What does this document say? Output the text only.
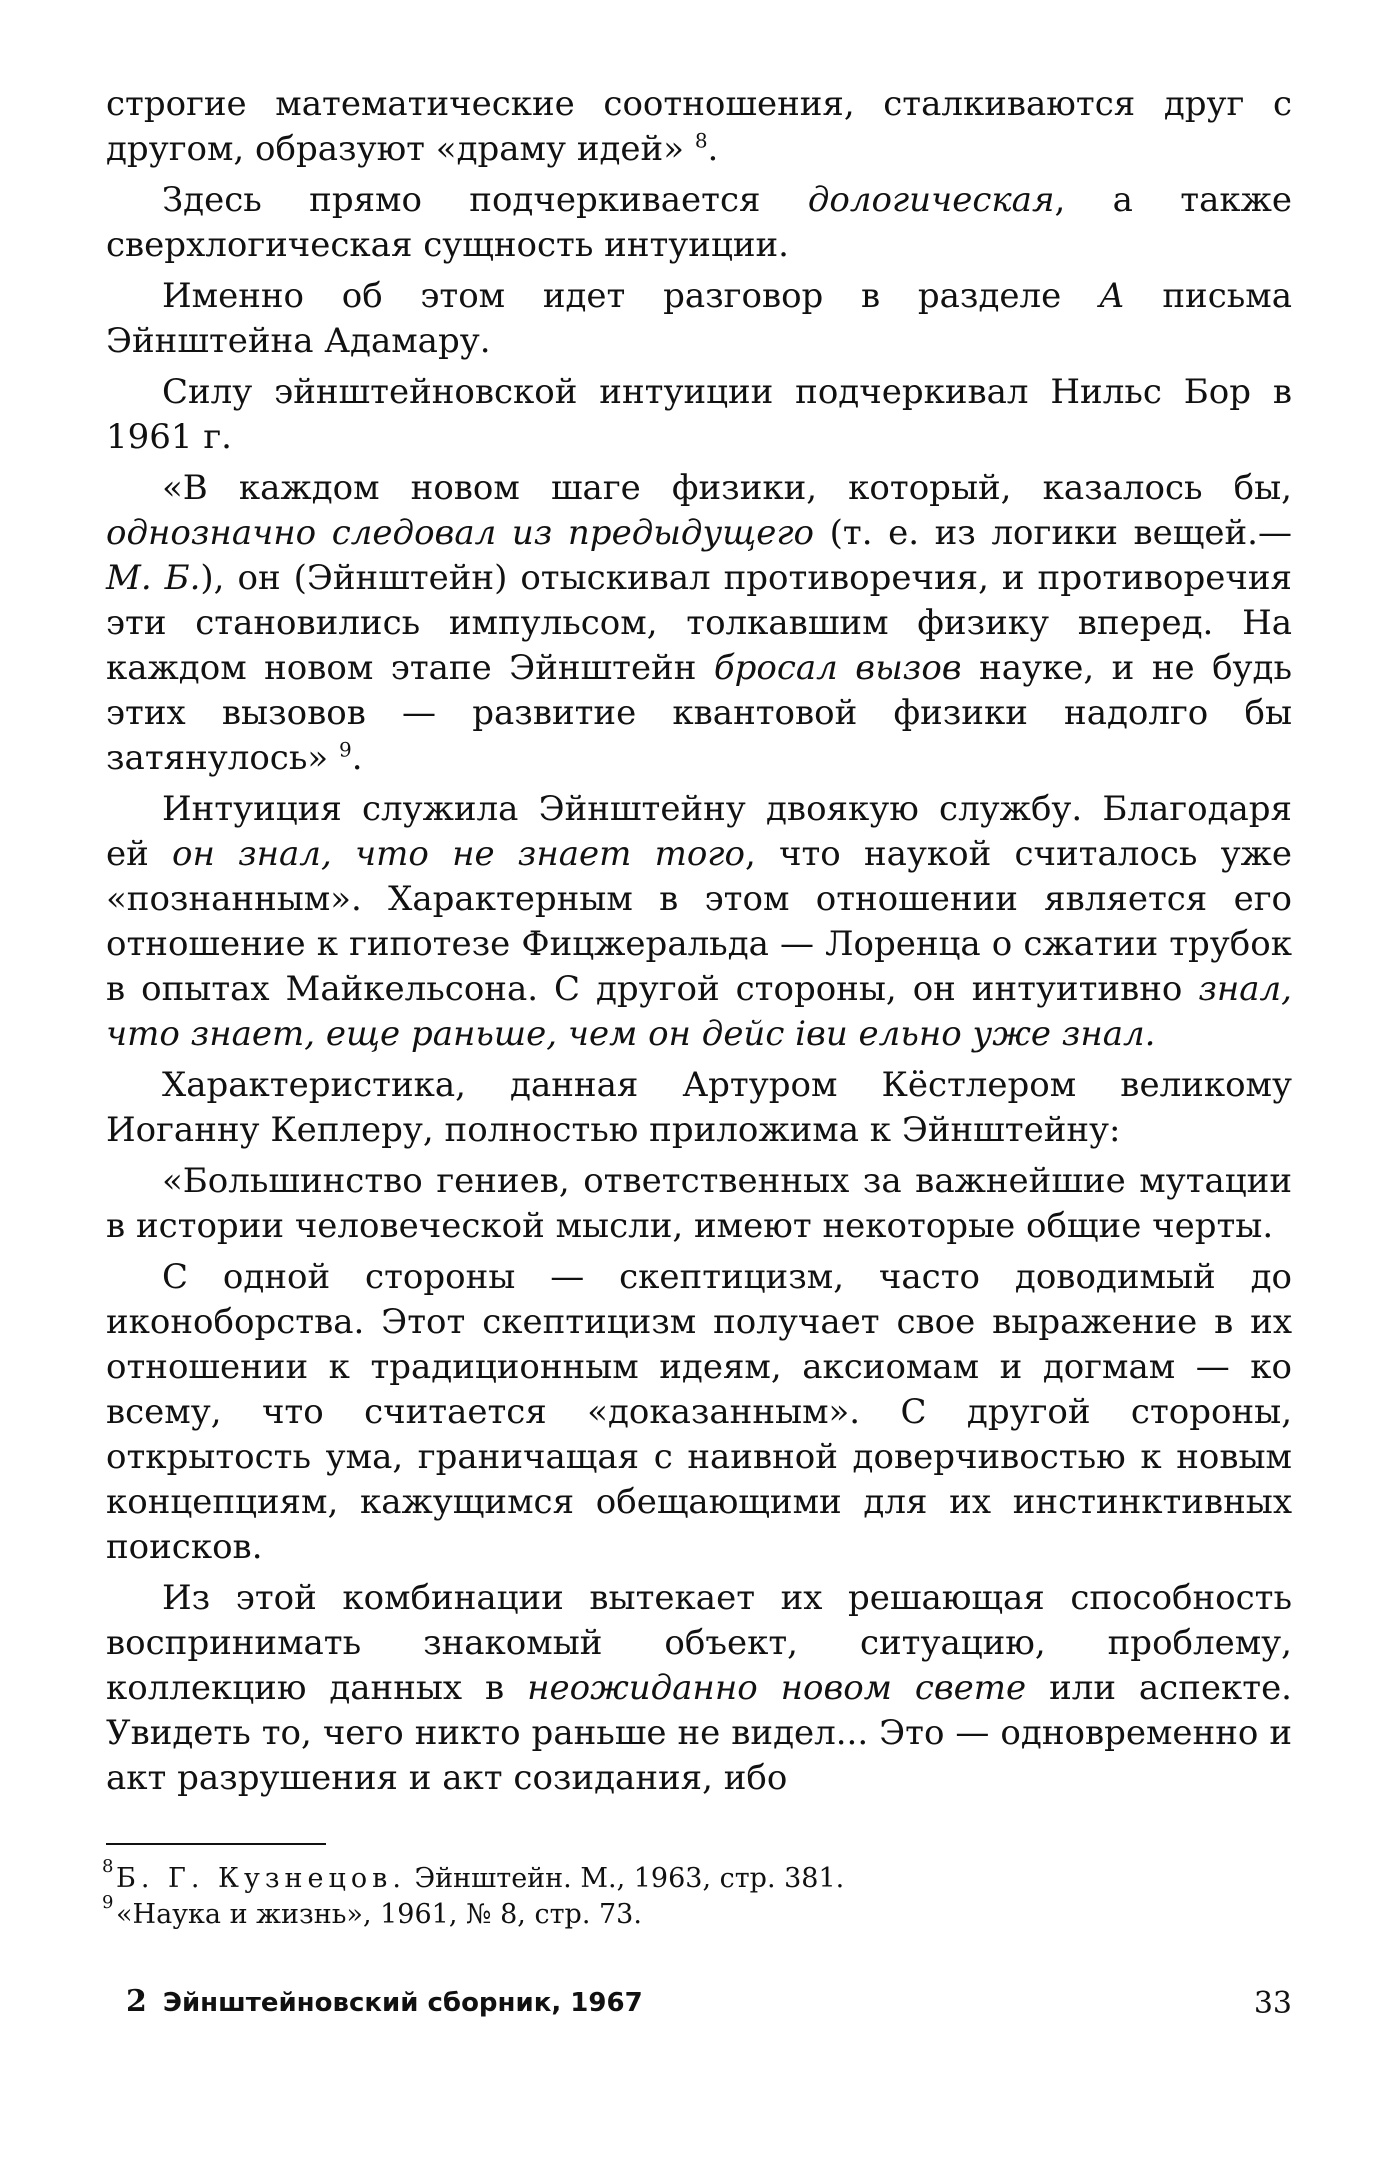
строгие математические соотношения, сталкиваются друг с другом, образуют «драму идей» $^8$.

Здесь прямо подчеркивается дологическая, а также сверхлогическая сущность интуиции.

Именно об этом идет разговор в разделе А письма Эйнштейна Адамару.

Силу эйнштейновской интуиции подчеркивал Нильс Бор в 1961 г.

«В каждом новом шаге физики, который, казалось бы, однозначно следовал из предыдущего (т. е. из логики вещей.— М. Б.), он (Эйнштейн) отыскивал противоречия, и противоречия эти становились импульсом, толкавшим физику вперед. На каждом новом этапе Эйнштейн бросал вызов науке, и не будь этих вызовов — развитие квантовой физики надолго бы затянулось» $^9$.

Интуиция служила Эйнштейну двоякую службу. Благодаря ей он знал, что не знает того, что наукой считалось уже «познанным». Характерным в этом отношении является его отношение к гипотезе Фицжеральда — Лоренца о сжатии трубок в опытах Майкельсона. С другой стороны, он интуитивно знал, что знает, еще раньше, чем он дейс іви ельно уже знал.

Характеристика, данная Артуром Кёстлером великому Иоганну Кеплеру, полностью приложима к Эйнштейну:

«Большинство гениев, ответственных за важнейшие мутации в истории человеческой мысли, имеют некоторые общие черты.

С одной стороны — скептицизм, часто доводимый до иконоборства. Этот скептицизм получает свое выражение в их отношении к традиционным идеям, аксиомам и догмам — ко всему, что считается «доказанным». С другой стороны, открытость ума, граничащая с наивной доверчивостью к новым концепциям, кажущимся обещающими для их инстинктивных поисков.

Из этой комбинации вытекает их решающая способность воспринимать знакомый объект, ситуацию, проблему, коллекцию данных в неожиданно новом свете или аспекте. Увидеть то, чего никто раньше не видел... Это — одновременно и акт разрушения и акт созидания, ибо

8 Б. Г. Кузнецов. Эйнштейн. М., 1963, стр. 381.

9 «Наука и жизнь», 1961, № 8, стр. 73.

2 Эйнштейновский сборник, 1967	33
